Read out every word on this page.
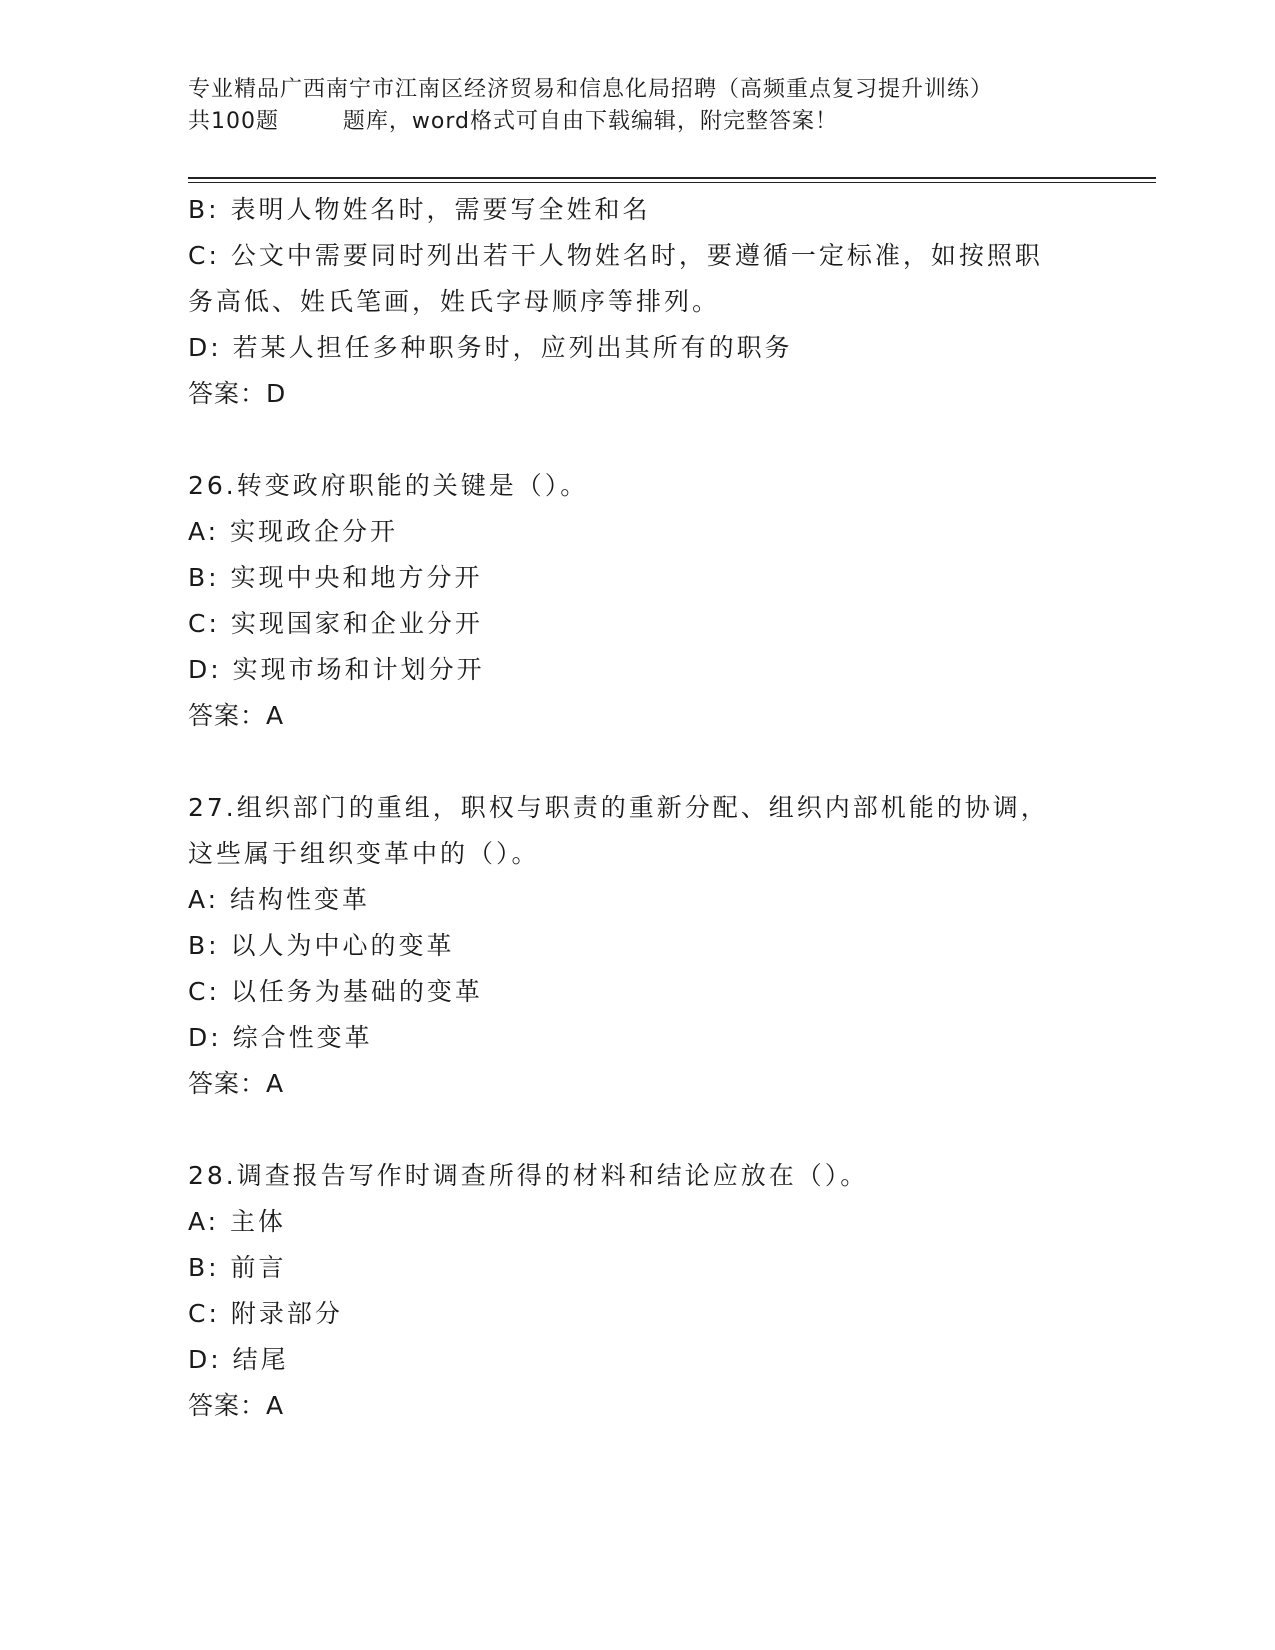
专业精品广西南宁市江南区经济贸易和信息化局招聘（高频重点复习提升训练）
共100题        题库，word格式可自由下载编辑，附完整答案！
B: 表明人物姓名时，需要写全姓和名
C: 公文中需要同时列出若干人物姓名时，要遵循一定标准，如按照职
务高低、姓氏笔画，姓氏字母顺序等排列。
D: 若某人担任多种职务时，应列出其所有的职务
答案：D
26.转变政府职能的关键是（）。
A: 实现政企分开
B: 实现中央和地方分开
C: 实现国家和企业分开
D: 实现市场和计划分开
答案：A
27.组织部门的重组，职权与职责的重新分配、组织内部机能的协调，
这些属于组织变革中的（）。
A: 结构性变革
B: 以人为中心的变革
C: 以任务为基础的变革
D: 综合性变革
答案：A
28.调查报告写作时调查所得的材料和结论应放在（）。
A: 主体
B: 前言
C: 附录部分
D: 结尾
答案：A
